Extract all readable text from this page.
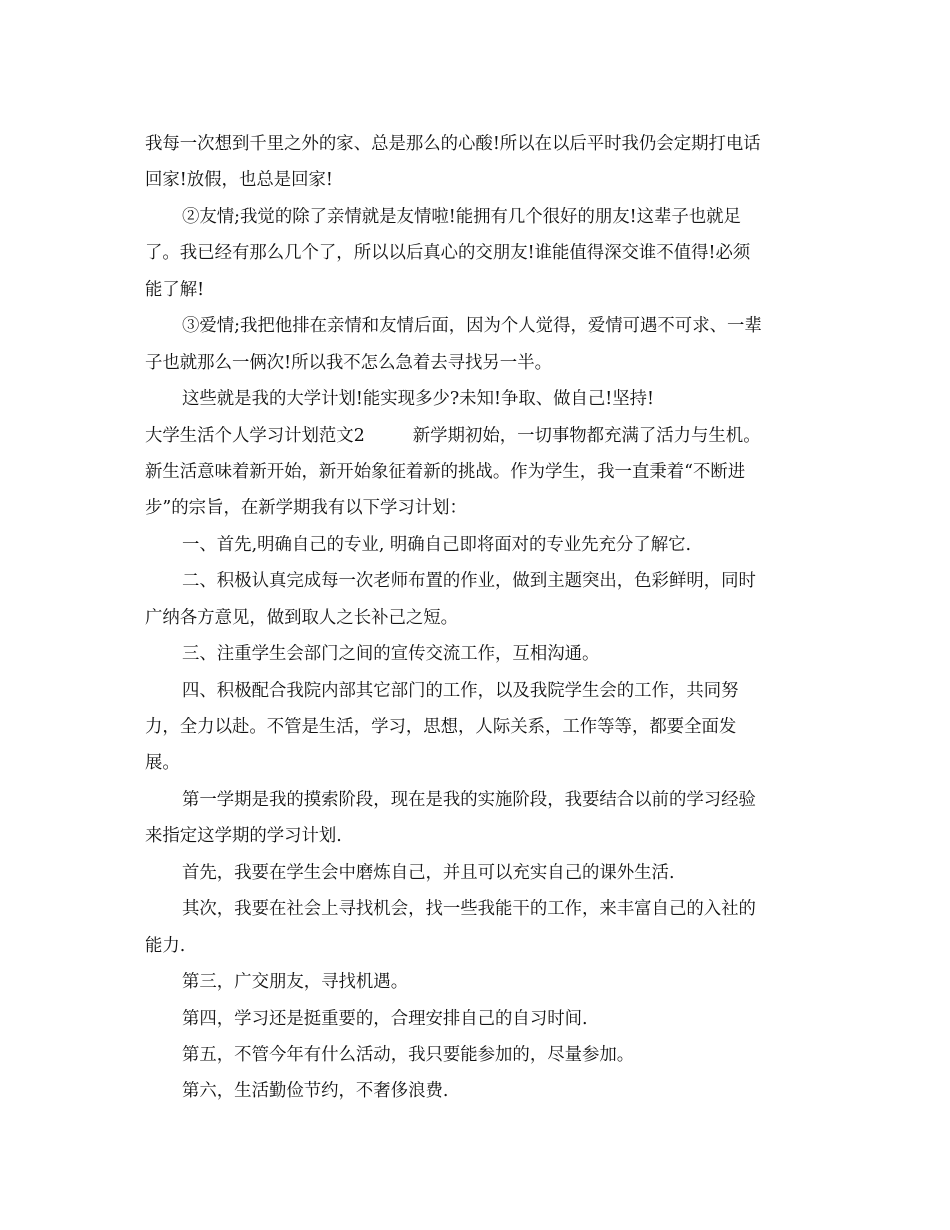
我每一次想到千里之外的家、总是那么的心酸!所以在以后平时我仍会定期打电话
回家!放假，也总是回家!
②友情;我觉的除了亲情就是友情啦!能拥有几个很好的朋友!这辈子也就足
了。我已经有那么几个了，所以以后真心的交朋友!谁能值得深交谁不值得!必须
能了解!
③爱情;我把他排在亲情和友情后面，因为个人觉得，爱情可遇不可求、一辈
子也就那么一俩次!所以我不怎么急着去寻找另一半。
这些就是我的大学计划!能实现多少?未知!争取、做自己!坚持!
大学生活个人学习计划范文2	新学期初始，一切事物都充满了活力与生机。
新生活意味着新开始，新开始象征着新的挑战。作为学生，我一直秉着“不断进
步”的宗旨，在新学期我有以下学习计划：
一、首先,明确自己的专业, 明确自己即将面对的专业先充分了解它.
二、积极认真完成每一次老师布置的作业，做到主题突出，色彩鲜明，同时
广纳各方意见，做到取人之长补己之短。
三、注重学生会部门之间的宣传交流工作，互相沟通。
四、积极配合我院内部其它部门的工作，以及我院学生会的工作，共同努
力，全力以赴。不管是生活，学习，思想，人际关系，工作等等，都要全面发
展。
第一学期是我的摸索阶段，现在是我的实施阶段，我要结合以前的学习经验
来指定这学期的学习计划.
首先，我要在学生会中磨炼自己，并且可以充实自己的课外生活.
其次，我要在社会上寻找机会，找一些我能干的工作，来丰富自己的入社的
能力.
第三，广交朋友，寻找机遇。
第四，学习还是挺重要的，合理安排自己的自习时间.
第五，不管今年有什么活动，我只要能参加的，尽量参加。
第六，生活勤俭节约，不奢侈浪费.
